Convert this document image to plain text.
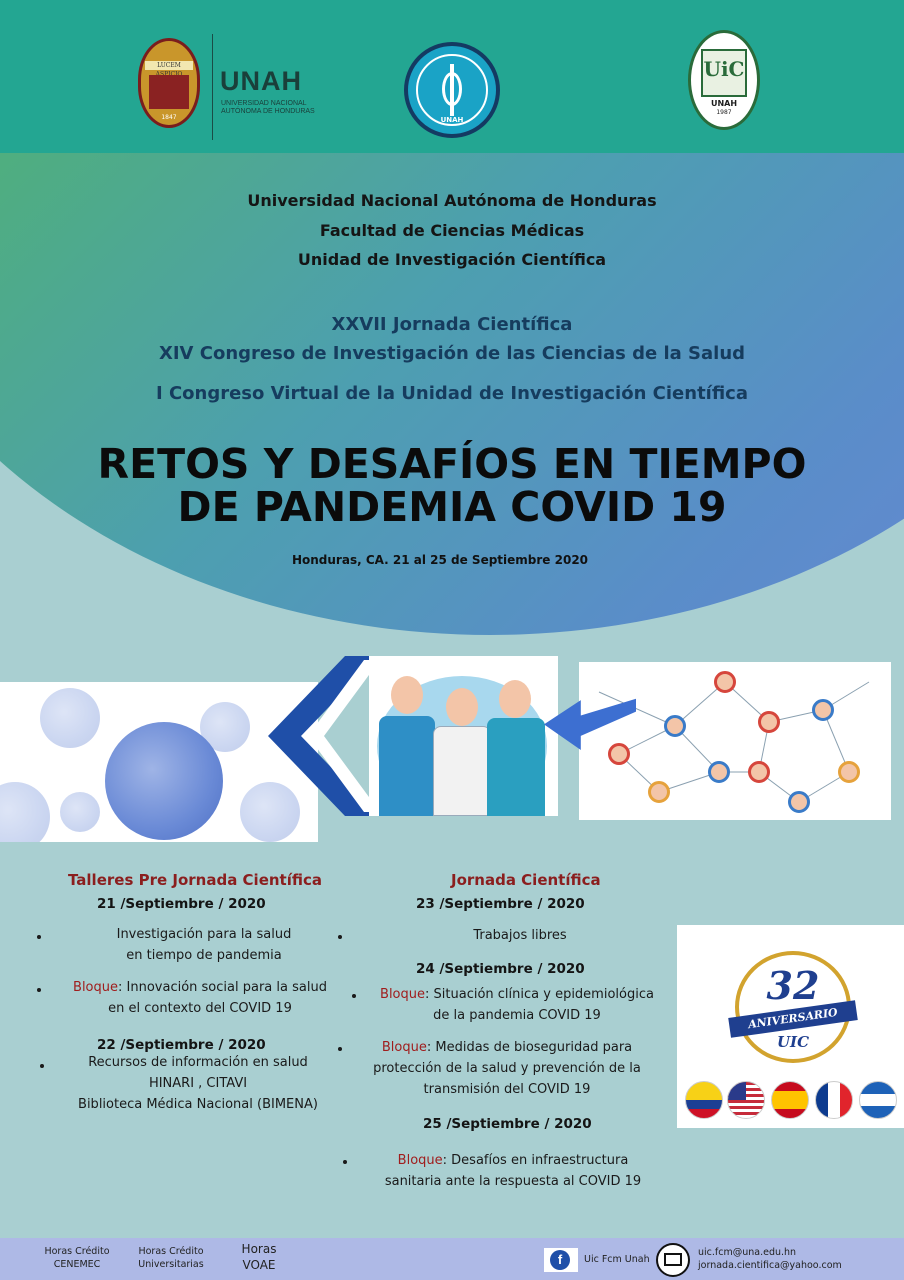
LUCEM
1847
UNAH
UNIVERSIDAD NACIONAL
AUTÓNOMA DE HONDURAS
UNAH
UiC
UNAH
1987
Universidad Nacional Autónoma de Honduras
Facultad de Ciencias Médicas
Unidad de Investigación Científica
XXVII Jornada Científica
XIV Congreso de Investigación de las Ciencias de la Salud
I Congreso Virtual de la Unidad de Investigación Científica
RETOS Y DESAFÍOS EN TIEMPO
DE PANDEMIA COVID 19
Honduras, CA. 21 al 25 de Septiembre 2020
Talleres Pre Jornada Científica
21 /Septiembre / 2020
Investigación para la salud
en tiempo de pandemia
Bloque: Innovación social para la salud
en el contexto del COVID 19
22 /Septiembre / 2020
Recursos de información en salud
HINARI , CITAVI
Biblioteca Médica Nacional (BIMENA)
Jornada Científica
23 /Septiembre / 2020
Trabajos libres
24 /Septiembre / 2020
Bloque: Situación clínica y epidemiológica
de la pandemia COVID 19
Bloque: Medidas de bioseguridad para
protección de la salud y prevención de la
transmisión del COVID 19
25 /Septiembre / 2020
Bloque: Desafíos en infraestructura
sanitaria ante la respuesta al COVID 19
32
ANIVERSARIO
UIC
Horas Crédito
CENEMEC
Horas Crédito
Universitarias
Horas
VOAE	f	Uic Fcm Unah
uic.fcm@una.edu.hn
jornada.cientifica@yahoo.com
